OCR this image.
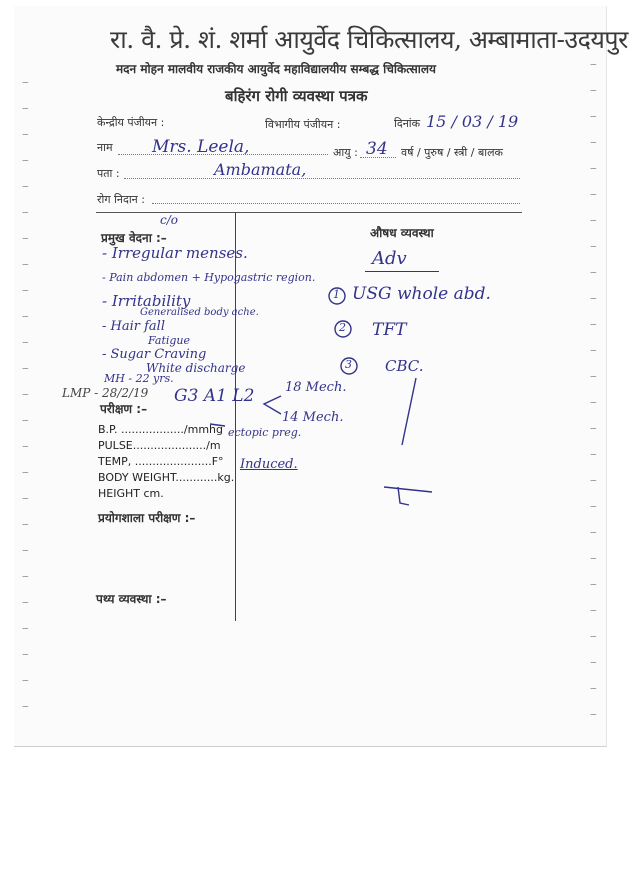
रा. वै. प्रे. शं. शर्मा आयुर्वेद चिकित्सालय, अम्बामाता-उदयपुर
मदन मोहन मालवीय राजकीय आयुर्वेद महाविद्यालयीय सम्बद्ध चिकित्सालय
बहिरंग रोगी व्यवस्था पत्रक
केन्द्रीय पंजीयन :	विभागीय पंजीयन :	दिनांक 15 / 03 / 19
नाम Mrs. Leela,	आयु : 34 वर्ष / पुरुष / स्त्री / बालक
पता :	Ambamata,
रोग निदान :
c/o
प्रमुख वेदना :–
- Irregular menses.
- Pain abdomen + Hypogastric region.
- Irritability
Generalised body ache.
- Hair fall
Fatigue
- Sugar Craving
White discharge
MH - 22 yrs.
LMP - 28/2/19 G3 A1 L2 18 Mech.
14 Mech.
ectopic preg.
Induced.
परीक्षण :–
B.P. ................../mmhg
PULSE...................../m
TEMP, ......................F°
BODY WEIGHT............kg.
HEIGHT cm.
प्रयोगशाला परीक्षण :–
पथ्य व्यवस्था :–
औषध व्यवस्था
Adv
1
2
3
USG whole abd.
TFT
CBC.
−
−
−
−
−
−
−
−
−
−
−
−
−
−
−
−
−
−
−
−
−
−
−
−
−
−
−
−
−
−
−
−
−
−
−
−
−
−
−
−
−
−
−
−
−
−
−
−
−
−
−
